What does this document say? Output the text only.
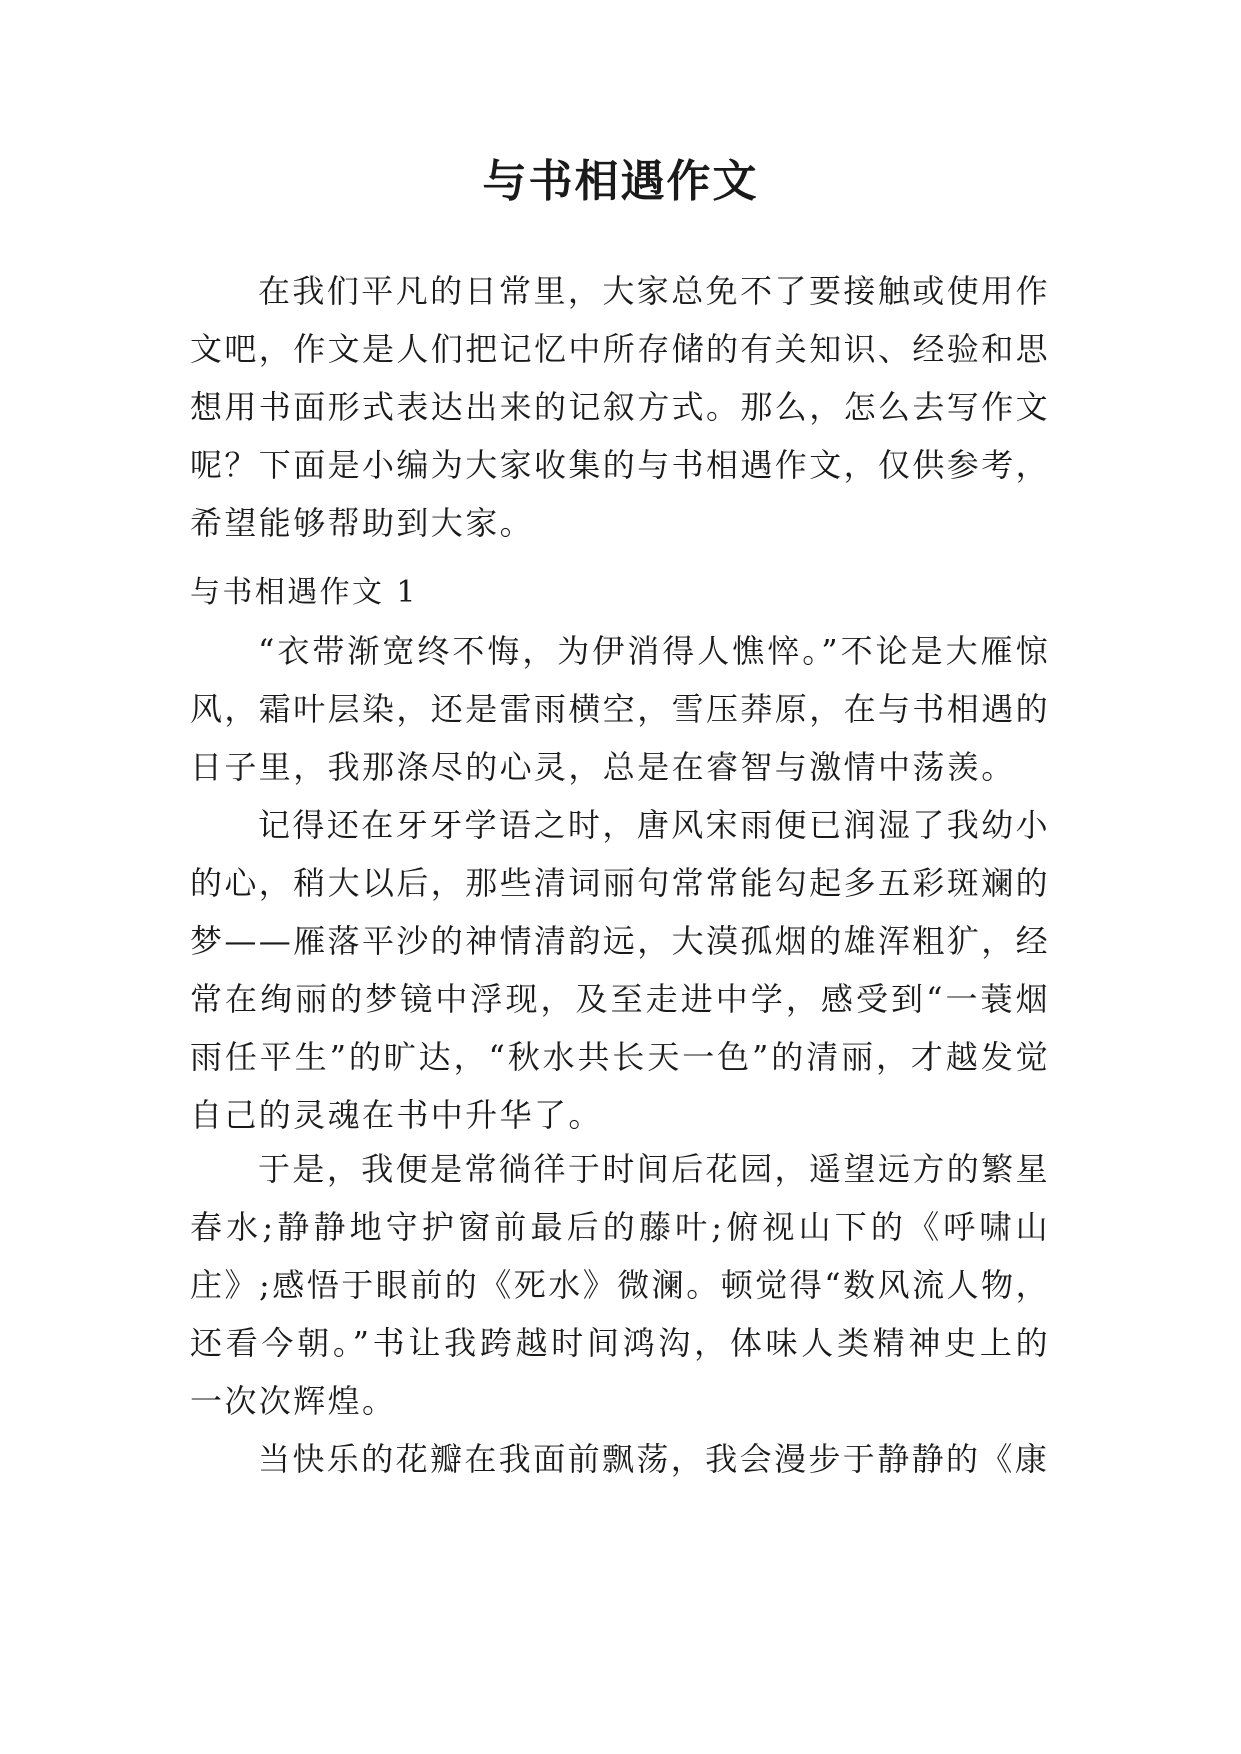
与书相遇作文

在我们平凡的日常里，大家总免不了要接触或使用作文吧，作文是人们把记忆中所存储的有关知识、经验和思想用书面形式表达出来的记叙方式。那么，怎么去写作文呢？下面是小编为大家收集的与书相遇作文，仅供参考，希望能够帮助到大家。

与书相遇作文 1

“衣带渐宽终不悔，为伊消得人憔悴。”不论是大雁惊风，霜叶层染，还是雷雨横空，雪压莽原，在与书相遇的日子里，我那涤尽的心灵，总是在睿智与激情中荡羡。

记得还在牙牙学语之时，唐风宋雨便已润湿了我幼小的心，稍大以后，那些清词丽句常常能勾起多五彩斑斓的梦——雁落平沙的神情清韵远，大漠孤烟的雄浑粗犷，经常在绚丽的梦镜中浮现，及至走进中学，感受到“一蓑烟雨任平生”的旷达，“秋水共长天一色”的清丽，才越发觉自己的灵魂在书中升华了。

于是，我便是常徜徉于时间后花园，遥望远方的繁星春水;静静地守护窗前最后的藤叶;俯视山下的《呼啸山庄》;感悟于眼前的《死水》微澜。顿觉得“数风流人物，还看今朝。”书让我跨越时间鸿沟，体味人类精神史上的一次次辉煌。

当快乐的花瓣在我面前飘荡，我会漫步于静静的《康
